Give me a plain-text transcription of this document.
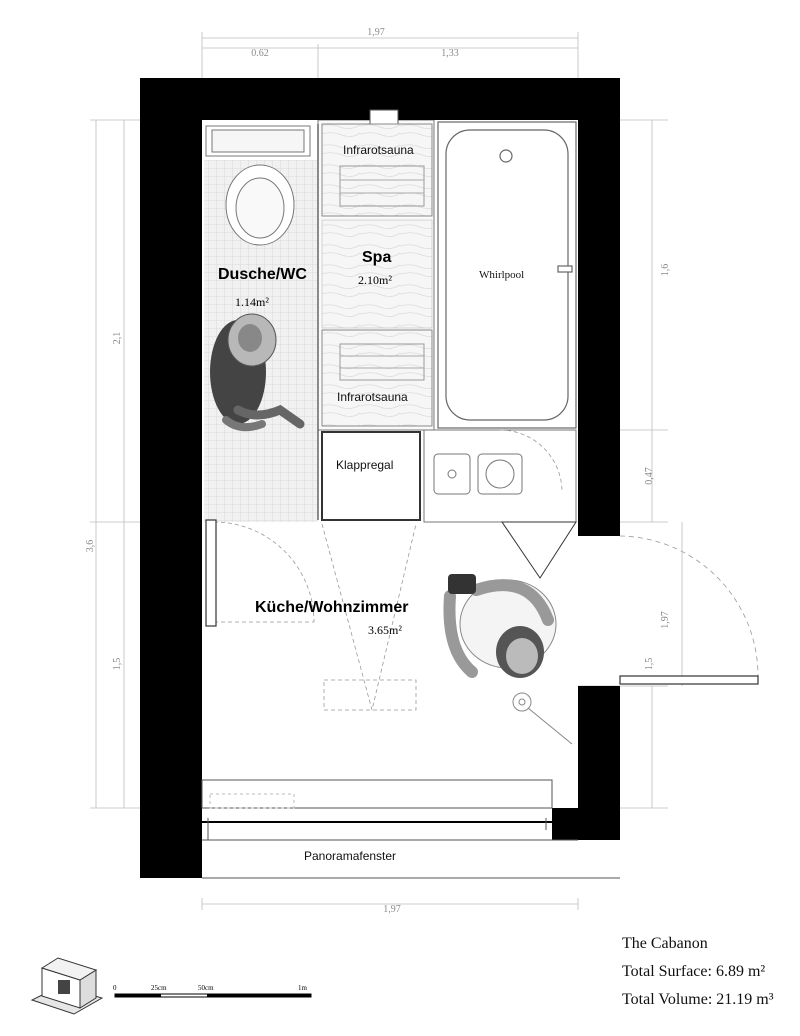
1,97
0.62	1,33
1,97
2,1
3,6
1,5
1,6
0,47
1,97
1,5
Dusche/WC
1.14m²
Spa
2.10m²
Küche/Wohnzimmer
3.65m²
Infrarotsauna
Infrarotsauna
Whirlpool
Klappregal
Panoramafenster
0	25cm	50cm	1m
The Cabanon
Total Surface: 6.89 m²
Total Volume: 21.19 m³
